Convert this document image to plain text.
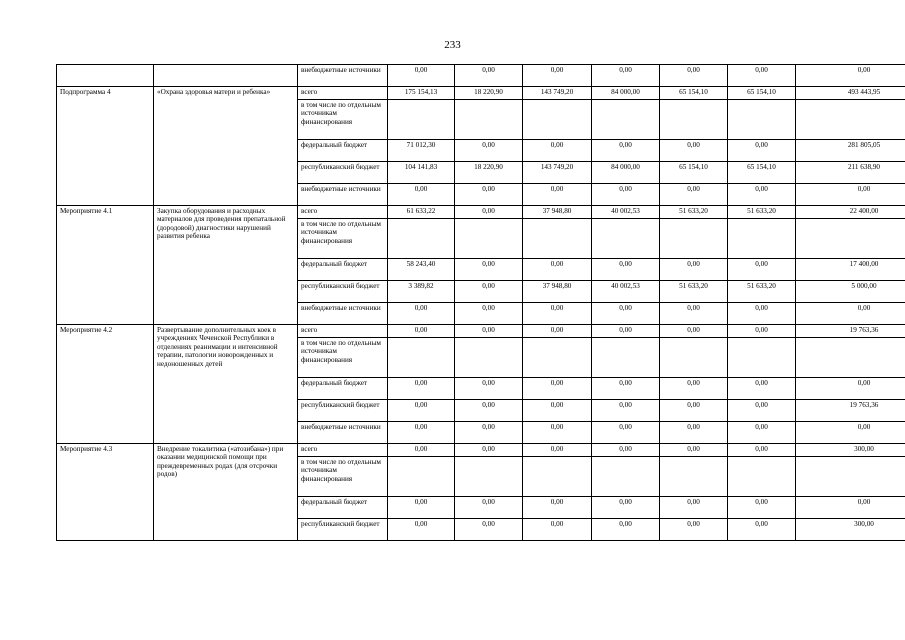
233
		внебюджетные источники	0,00	0,00	0,00	0,00	0,00	0,00	0,00
Подпрограмма 4	«Охрана здоровья матери и ребенка»	всего	175 154,13	18 220,90	143 749,20	84 000,00	65 154,10	65 154,10	493 443,95
		в том числе по отдельным источникам финансирования							
		федеральный бюджет	71 012,30	0,00	0,00	0,00	0,00	0,00	281 805,05
		республиканский бюджет	104 141,83	18 220,90	143 749,20	84 000,00	65 154,10	65 154,10	211 638,90
		внебюджетные источники	0,00	0,00	0,00	0,00	0,00	0,00	0,00
Мероприятие 4.1	Закупка оборудования и расходных материалов для проведения препатальной (дородовой) диагностики нарушений развития ребенка	всего	61 633,22	0,00	37 948,80	40 002,53	51 633,20	51 633,20	22 400,00
		в том числе по отдельным источникам финансирования							
		федеральный бюджет	58 243,40	0,00	0,00	0,00	0,00	0,00	17 400,00
		республиканский бюджет	3 389,82	0,00	37 948,80	40 002,53	51 633,20	51 633,20	5 000,00
		внебюджетные источники	0,00	0,00	0,00	0,00	0,00	0,00	0,00
Мероприятие 4.2	Развертывание дополнительных коек в учреждениях Чеченской Республики в отделениях реанимации и интенсивной терапии, патологии новорожденных и недоношенных детей	всего	0,00	0,00	0,00	0,00	0,00	0,00	19 763,36
		в том числе по отдельным источникам финансирования							
		федеральный бюджет	0,00	0,00	0,00	0,00	0,00	0,00	0,00
		республиканский бюджет	0,00	0,00	0,00	0,00	0,00	0,00	19 763,36
		внебюджетные источники	0,00	0,00	0,00	0,00	0,00	0,00	0,00
Мероприятие 4.3	Внедрение токалитика («атозибана») при оказании медицинской помощи при преждевременных родах (для отсрочки родов)	всего	0,00	0,00	0,00	0,00	0,00	0,00	300,00
		в том числе по отдельным источникам финансирования							
		федеральный бюджет	0,00	0,00	0,00	0,00	0,00	0,00	0,00
		республиканский бюджет	0,00	0,00	0,00	0,00	0,00	0,00	300,00
